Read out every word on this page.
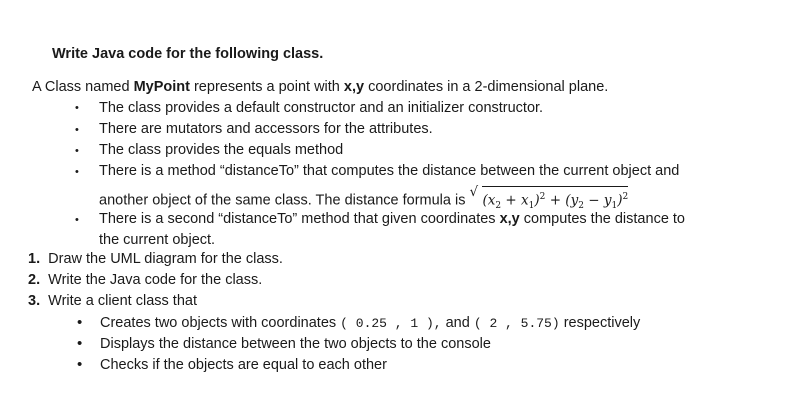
Write Java code for the following class.
A Class named MyPoint represents a point with x,y coordinates in a 2-dimensional plane.
• The class provides a default constructor and an initializer constructor.
• There are mutators and accessors for the attributes.
• The class provides the equals method
• There is a method “distanceTo” that computes the distance between the current object and
another object of the same class. The distance formula is
√
$(x_2 + x_1)^2 + (y_2 - y_1)^2$
• There is a second “distanceTo” method that given coordinates x,y computes the distance to
the current object.
1. Draw the UML diagram for the class.
2. Write the Java code for the class.
3. Write a client class that
• Creates two objects with coordinates ( 0.25 , 1 ), and ( 2 , 5.75) respectively
• Displays the distance between the two objects to the console
• Checks if the objects are equal to each other
